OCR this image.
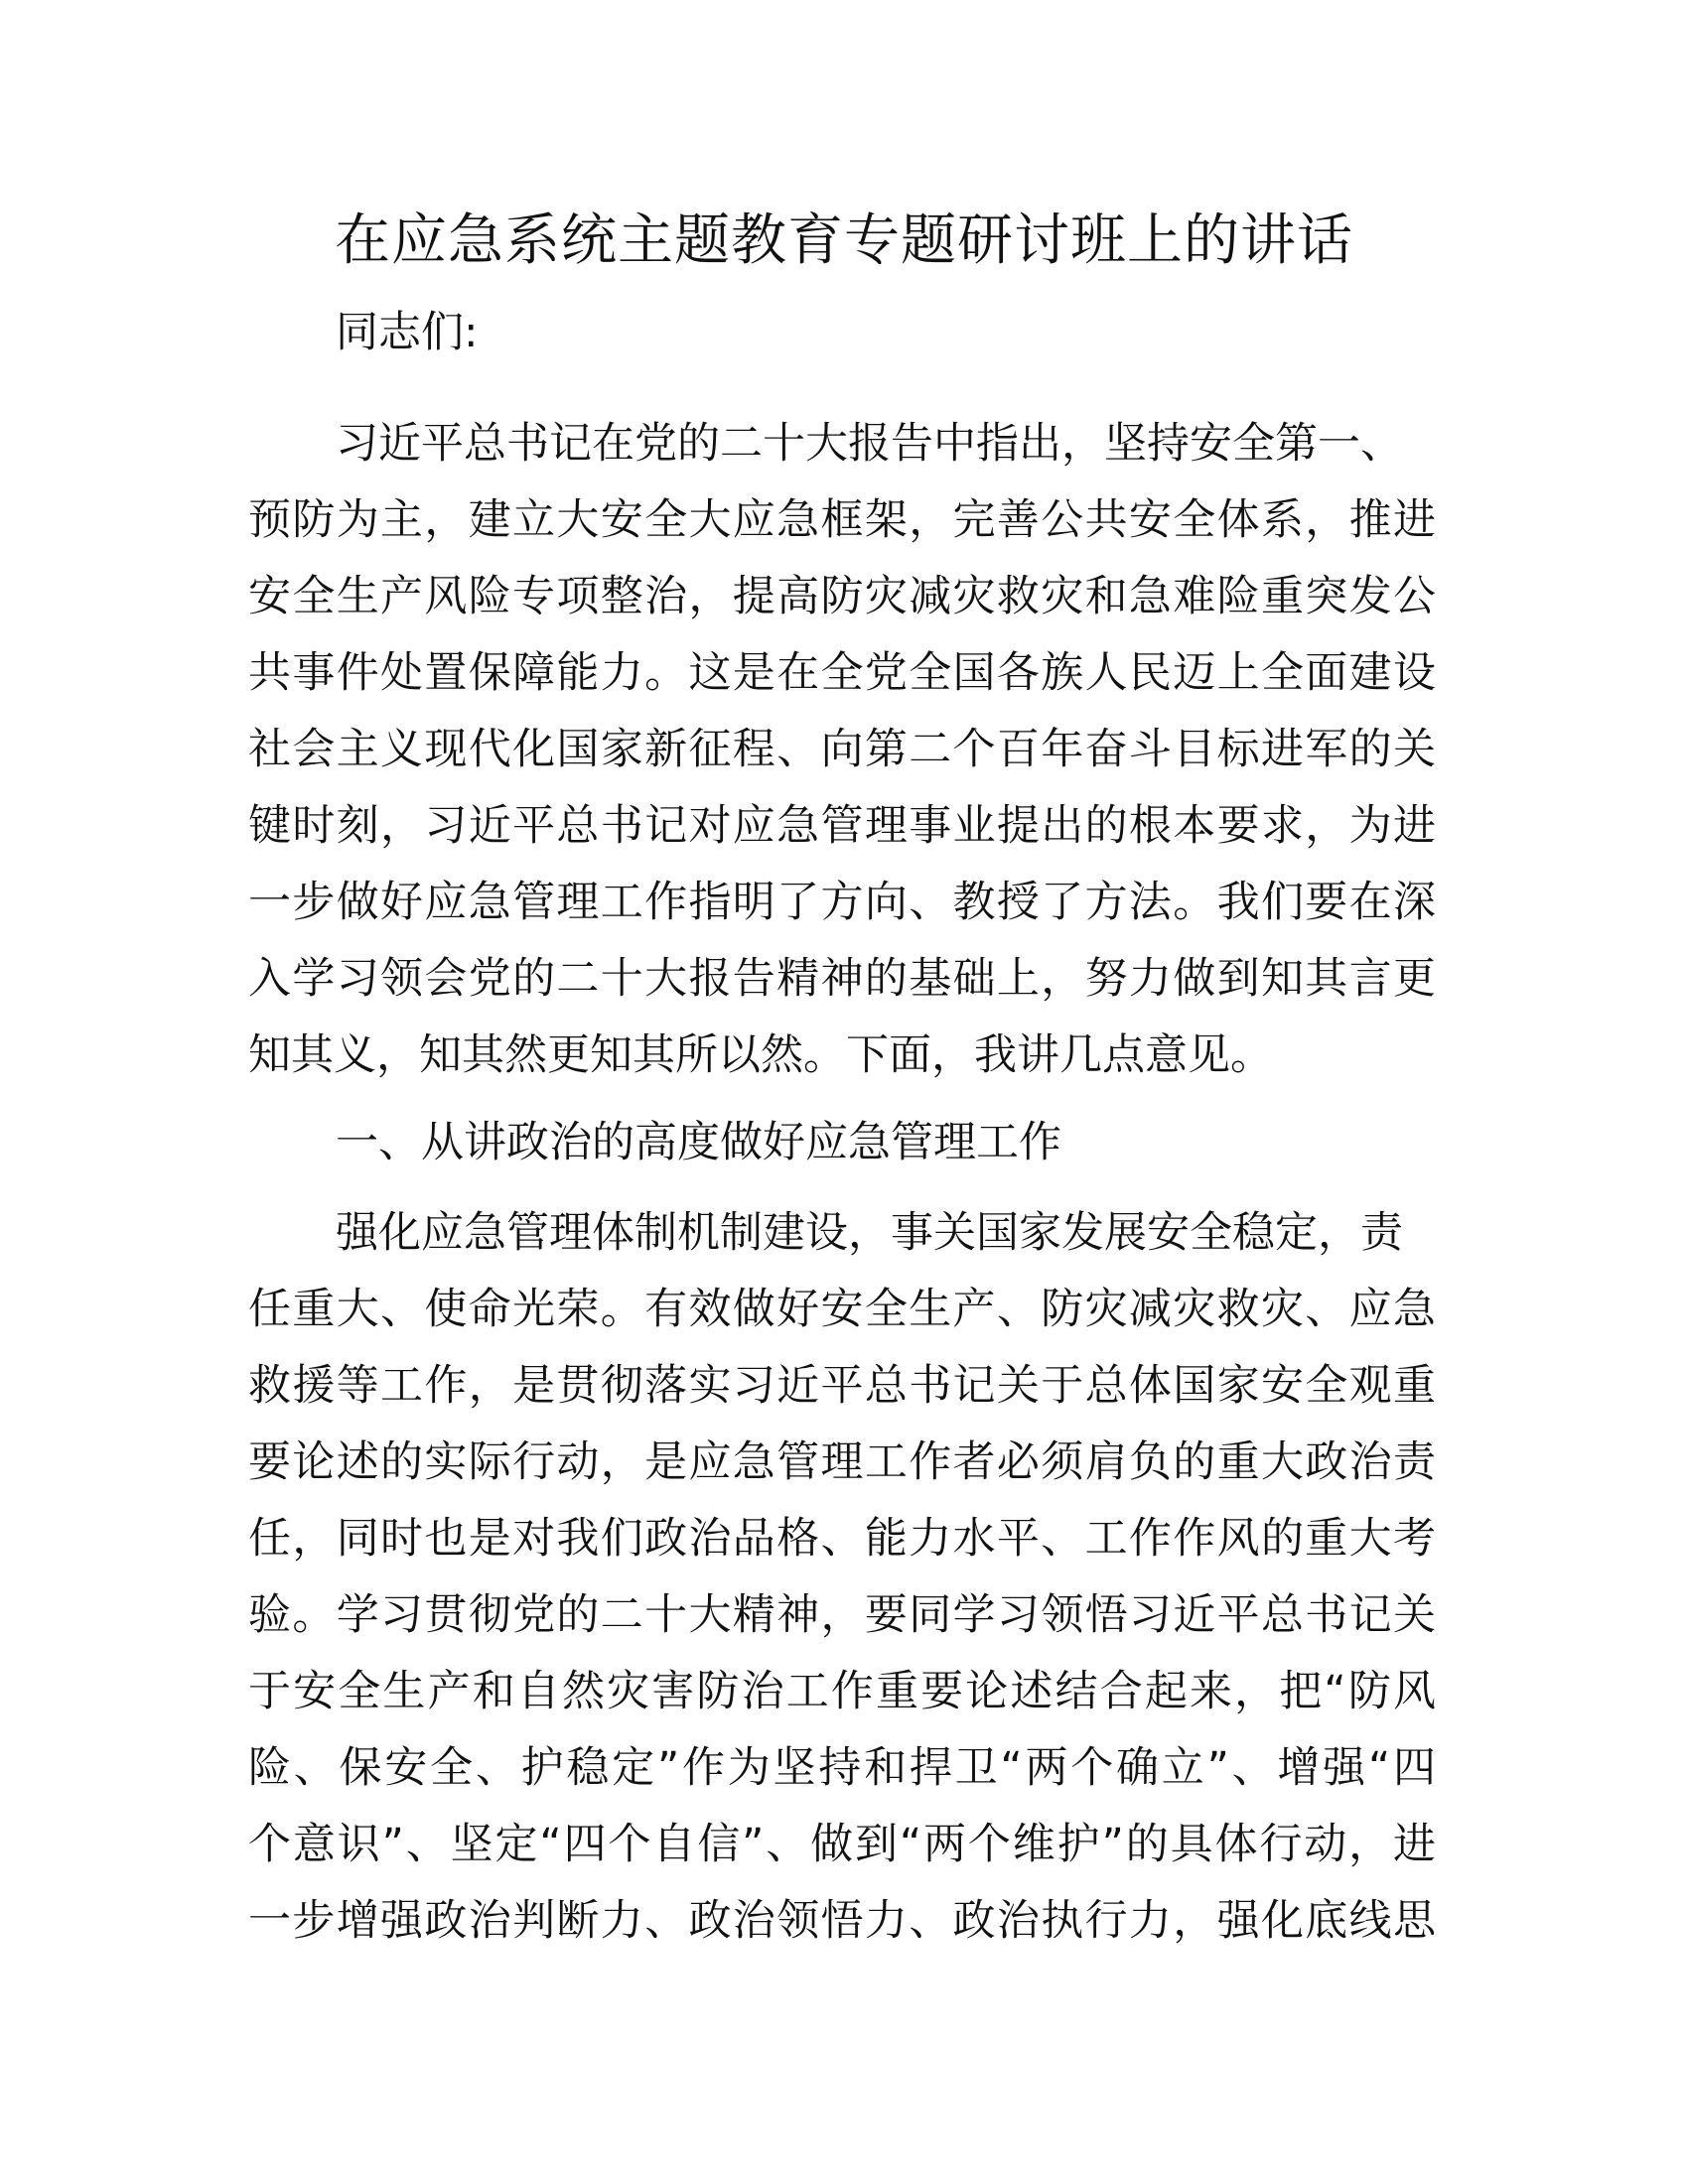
在应急系统主题教育专题研讨班上的讲话

同志们:

习近平总书记在党的二十大报告中指出，坚持安全第一、

预防为主，建立大安全大应急框架，完善公共安全体系，推进

安全生产风险专项整治，提高防灾减灾救灾和急难险重突发公

共事件处置保障能力。这是在全党全国各族人民迈上全面建设

社会主义现代化国家新征程、向第二个百年奋斗目标进军的关

键时刻，习近平总书记对应急管理事业提出的根本要求，为进

一步做好应急管理工作指明了方向、教授了方法。我们要在深

入学习领会党的二十大报告精神的基础上，努力做到知其言更

知其义，知其然更知其所以然。下面，我讲几点意见。

一、从讲政治的高度做好应急管理工作

强化应急管理体制机制建设，事关国家发展安全稳定，责

任重大、使命光荣。有效做好安全生产、防灾减灾救灾、应急

救援等工作，是贯彻落实习近平总书记关于总体国家安全观重

要论述的实际行动，是应急管理工作者必须肩负的重大政治责

任，同时也是对我们政治品格、能力水平、工作作风的重大考

验。学习贯彻党的二十大精神，要同学习领悟习近平总书记关

于安全生产和自然灾害防治工作重要论述结合起来，把“防风

险、保安全、护稳定”作为坚持和捍卫“两个确立”、增强“四

个意识”、坚定“四个自信”、做到“两个维护”的具体行动，进

一步增强政治判断力、政治领悟力、政治执行力，强化底线思
